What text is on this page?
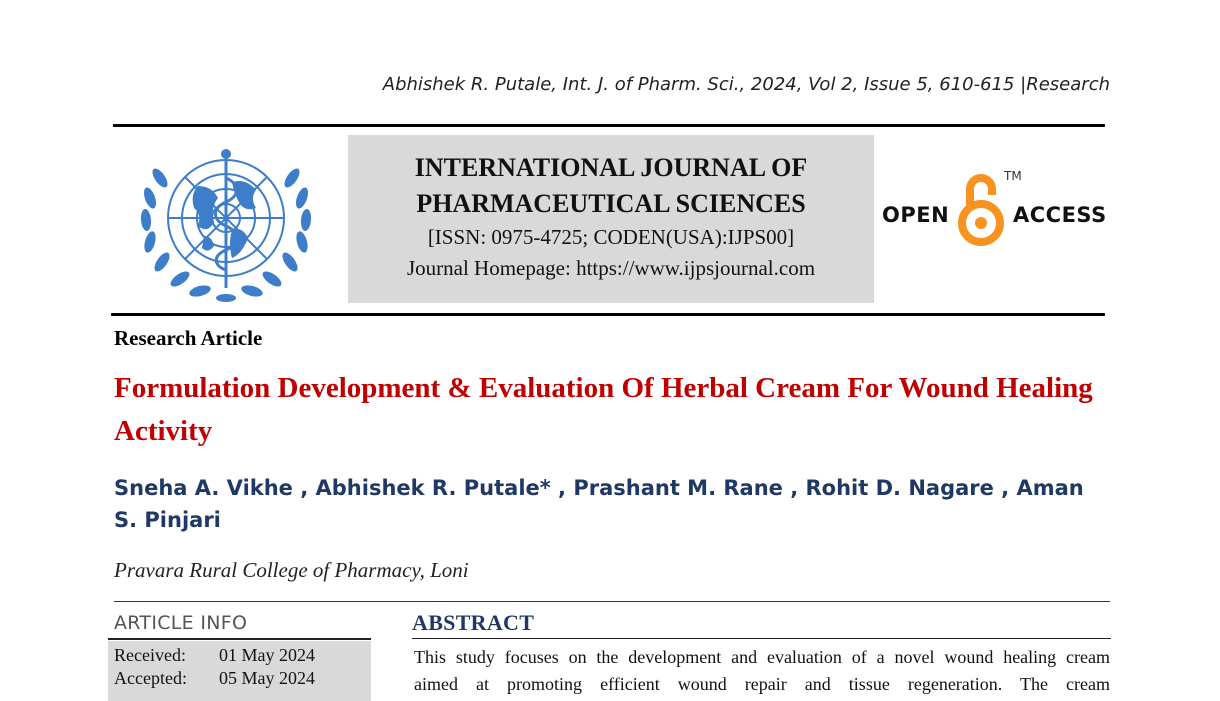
Abhishek R. Putale, Int. J. of Pharm. Sci., 2024, Vol 2, Issue 5, 610-615 |Research
INTERNATIONAL JOURNAL OF
PHARMACEUTICAL SCIENCES
[ISSN: 0975-4725; CODEN(USA):IJPS00]
Journal Homepage: https://www.ijpsjournal.com
OPEN
TM
ACCESS
Research Article
Formulation Development & Evaluation Of Herbal Cream For Wound Healing Activity
Sneha A. Vikhe , Abhishek R. Putale* , Prashant M. Rane , Rohit D. Nagare , Aman S. Pinjari
Pravara Rural College of Pharmacy, Loni
ARTICLE INFO
Received: 01 May 2024
Accepted: 05 May 2024
ABSTRACT
This study focuses on the development and evaluation of a novel wound healing cream
aimed at promoting efficient wound repair and tissue regeneration. The cream
